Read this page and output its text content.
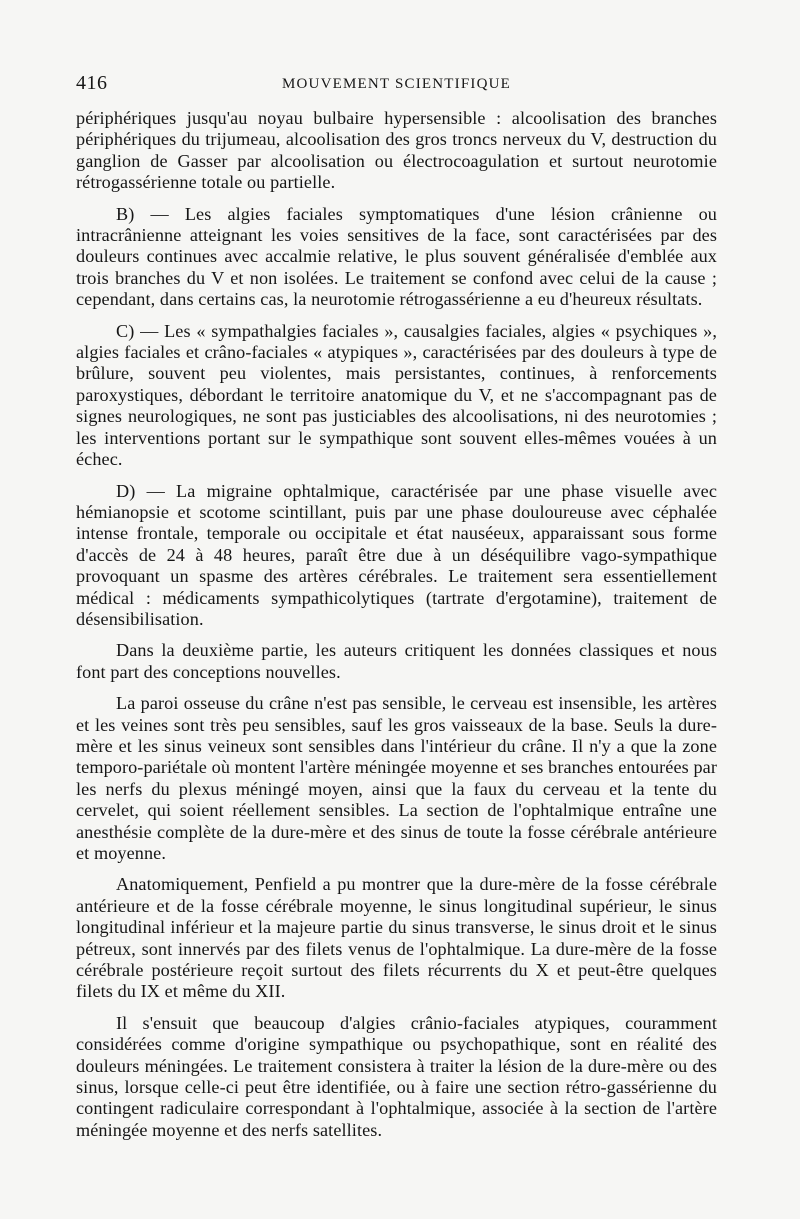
416	MOUVEMENT SCIENTIFIQUE

périphériques jusqu'au noyau bulbaire hypersensible : alcoolisation des branches périphériques du trijumeau, alcoolisation des gros troncs nerveux du V, destruction du ganglion de Gasser par alcoolisation ou électrocoagulation et surtout neurotomie rétrogassérienne totale ou partielle.

B) — Les algies faciales symptomatiques d'une lésion crânienne ou intracrânienne atteignant les voies sensitives de la face, sont caractérisées par des douleurs continues avec accalmie relative, le plus souvent généralisée d'emblée aux trois branches du V et non isolées. Le traitement se confond avec celui de la cause ; cependant, dans certains cas, la neurotomie rétrogassérienne a eu d'heureux résultats.

C) — Les « sympathalgies faciales », causalgies faciales, algies « psychiques », algies faciales et crâno-faciales « atypiques », caractérisées par des douleurs à type de brûlure, souvent peu violentes, mais persistantes, continues, à renforcements paroxystiques, débordant le territoire anatomique du V, et ne s'accompagnant pas de signes neurologiques, ne sont pas justiciables des alcoolisations, ni des neurotomies ; les interventions portant sur le sympathique sont souvent elles-mêmes vouées à un échec.

D) — La migraine ophtalmique, caractérisée par une phase visuelle avec hémianopsie et scotome scintillant, puis par une phase douloureuse avec céphalée intense frontale, temporale ou occipitale et état nauséeux, apparaissant sous forme d'accès de 24 à 48 heures, paraît être due à un déséquilibre vago-sympathique provoquant un spasme des artères cérébrales. Le traitement sera essentiellement médical : médicaments sympathicolytiques (tartrate d'ergotamine), traitement de désensibilisation.

Dans la deuxième partie, les auteurs critiquent les données classiques et nous font part des conceptions nouvelles.

La paroi osseuse du crâne n'est pas sensible, le cerveau est insensible, les artères et les veines sont très peu sensibles, sauf les gros vaisseaux de la base. Seuls la dure-mère et les sinus veineux sont sensibles dans l'intérieur du crâne. Il n'y a que la zone temporo-pariétale où montent l'artère méningée moyenne et ses branches entourées par les nerfs du plexus méningé moyen, ainsi que la faux du cerveau et la tente du cervelet, qui soient réellement sensibles. La section de l'ophtalmique entraîne une anesthésie complète de la dure-mère et des sinus de toute la fosse cérébrale antérieure et moyenne.

Anatomiquement, Penfield a pu montrer que la dure-mère de la fosse cérébrale antérieure et de la fosse cérébrale moyenne, le sinus longitudinal supérieur, le sinus longitudinal inférieur et la majeure partie du sinus transverse, le sinus droit et le sinus pétreux, sont innervés par des filets venus de l'ophtalmique. La dure-mère de la fosse cérébrale postérieure reçoit surtout des filets récurrents du X et peut-être quelques filets du IX et même du XII.

Il s'ensuit que beaucoup d'algies crânio-faciales atypiques, couramment considérées comme d'origine sympathique ou psychopathique, sont en réalité des douleurs méningées. Le traitement consistera à traiter la lésion de la dure-mère ou des sinus, lorsque celle-ci peut être identifiée, ou à faire une section rétro-gassérienne du contingent radiculaire correspondant à l'ophtalmique, associée à la section de l'artère méningée moyenne et des nerfs satellites.
